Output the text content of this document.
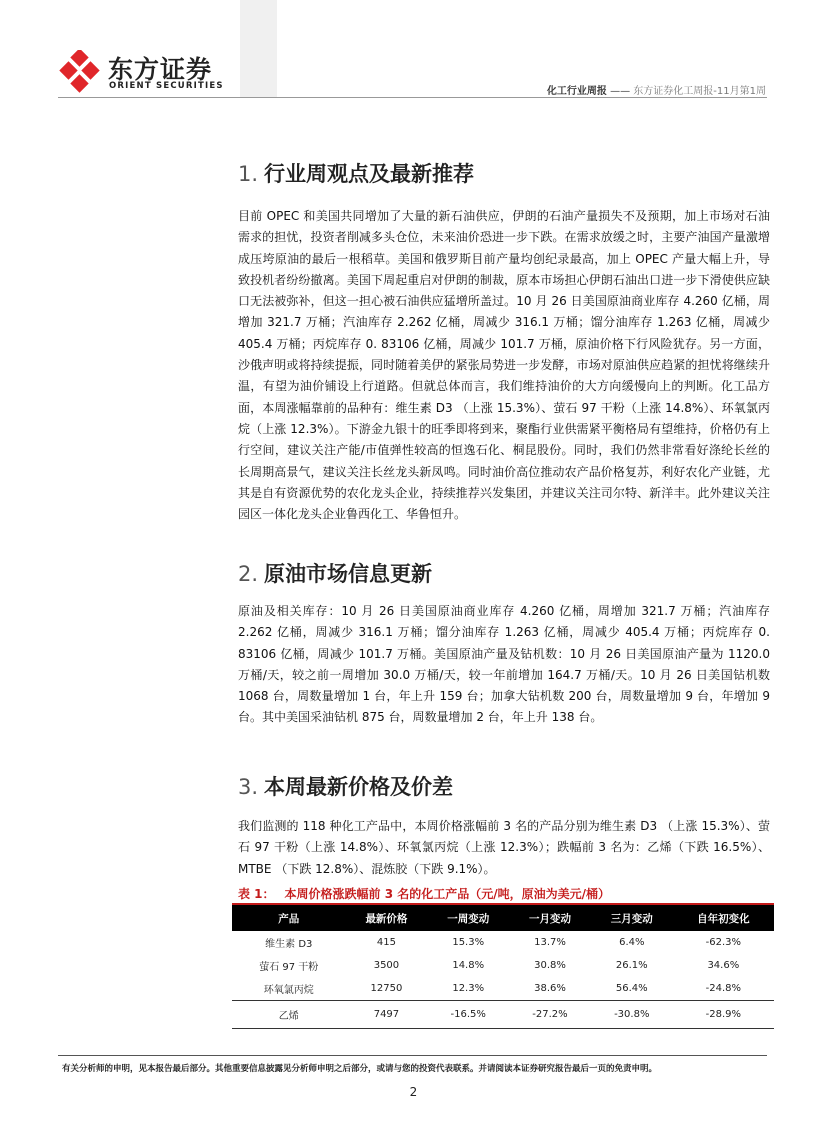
东方证券
ORIENT SECURITIES	化工行业周报 —— 东方证券化工周报-11月第1周
1. 行业周观点及最新推荐
目前 OPEC 和美国共同增加了大量的新石油供应，伊朗的石油产量损失不及预期，加上市场对石油需求的担忧，投资者削减多头仓位，未来油价恐进一步下跌。在需求放缓之时，主要产油国产量激增成压垮原油的最后一根稻草。美国和俄罗斯目前产量均创纪录最高，加上 OPEC 产量大幅上升，导致投机者纷纷撤离。美国下周起重启对伊朗的制裁，原本市场担心伊朗石油出口进一步下滑使供应缺口无法被弥补，但这一担心被石油供应猛增所盖过。10 月 26 日美国原油商业库存 4.260 亿桶，周增加 321.7 万桶；汽油库存 2.262 亿桶，周减少 316.1 万桶；馏分油库存 1.263 亿桶，周减少 405.4 万桶；丙烷库存 0. 83106 亿桶，周减少 101.7 万桶，原油价格下行风险犹存。另一方面，沙俄声明或将持续提振，同时随着美伊的紧张局势进一步发酵，市场对原油供应趋紧的担忧将继续升温，有望为油价铺设上行道路。但就总体而言，我们维持油价的大方向缓慢向上的判断。化工品方面，本周涨幅靠前的品种有：维生素 D3 （上涨 15.3%）、萤石 97 干粉（上涨 14.8%）、环氧氯丙烷（上涨 12.3%）。下游金九银十的旺季即将到来，聚酯行业供需紧平衡格局有望维持，价格仍有上行空间，建议关注产能/市值弹性较高的恒逸石化、桐昆股份。同时，我们仍然非常看好涤纶长丝的长周期高景气，建议关注长丝龙头新凤鸣。同时油价高位推动农产品价格复苏，利好农化产业链，尤其是自有资源优势的农化龙头企业，持续推荐兴发集团，并建议关注司尔特、新洋丰。此外建议关注园区一体化龙头企业鲁西化工、华鲁恒升。
2. 原油市场信息更新
原油及相关库存：10 月 26 日美国原油商业库存 4.260 亿桶，周增加 321.7 万桶；汽油库存 2.262 亿桶，周减少 316.1 万桶；馏分油库存 1.263 亿桶，周减少 405.4 万桶；丙烷库存 0. 83106 亿桶，周减少 101.7 万桶。美国原油产量及钻机数：10 月 26 日美国原油产量为 1120.0 万桶/天，较之前一周增加 30.0 万桶/天，较一年前增加 164.7 万桶/天。10 月 26 日美国钻机数 1068 台，周数量增加 1 台，年上升 159 台；加拿大钻机数 200 台，周数量增加 9 台，年增加 9 台。其中美国采油钻机 875 台，周数量增加 2 台，年上升 138 台。
3. 本周最新价格及价差
我们监测的 118 种化工产品中，本周价格涨幅前 3 名的产品分别为维生素 D3 （上涨 15.3%）、萤石 97 干粉（上涨 14.8%）、环氧氯丙烷（上涨 12.3%）；跌幅前 3 名为：乙烯（下跌 16.5%）、MTBE （下跌 12.8%）、混炼胶（下跌 9.1%）。
表 1： 本周价格涨跌幅前 3 名的化工产品（元/吨，原油为美元/桶）
产品	最新价格	一周变动	一月变动	三月变动	自年初变化
维生素 D3	415	15.3%	13.7%	6.4%	-62.3%
萤石 97 干粉	3500	14.8%	30.8%	26.1%	34.6%
环氧氯丙烷	12750	12.3%	38.6%	56.4%	-24.8%
乙烯	7497	-16.5%	-27.2%	-30.8%	-28.9%
有关分析师的申明，见本报告最后部分。其他重要信息披露见分析师申明之后部分，或请与您的投资代表联系。并请阅读本证券研究报告最后一页的免责申明。
2
